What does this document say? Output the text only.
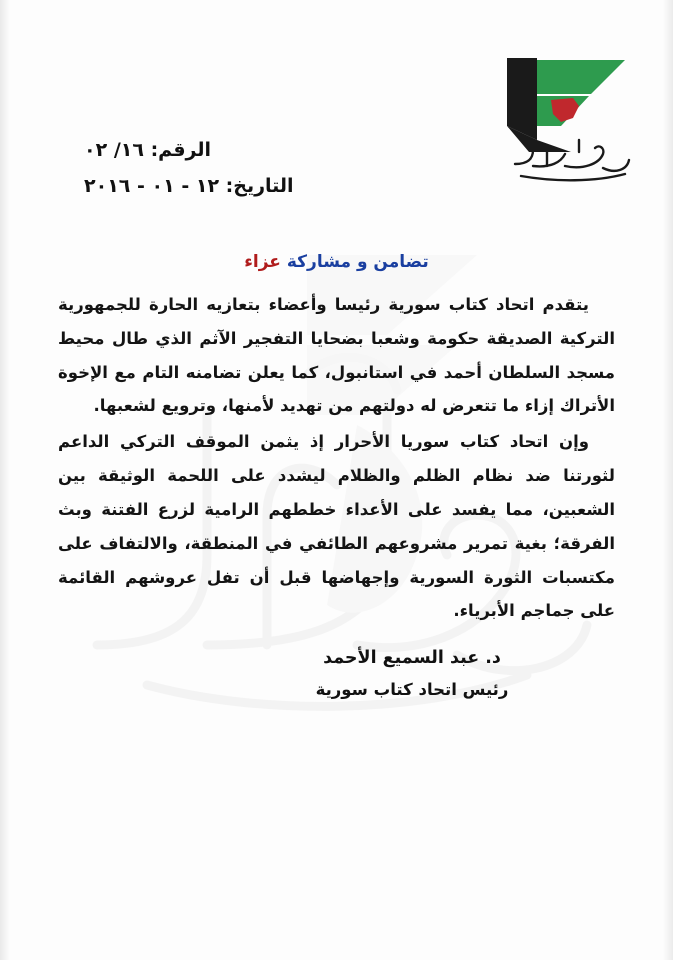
الرقم: ١٦/ ٠٢
التاريخ: ١٢ - ٠١ - ٢٠١٦
تضامن و مشاركة عزاء

يتقدم اتحاد كتاب سورية رئيسا وأعضاء بتعازيه الحارة للجمهورية التركية الصديقة حكومة وشعبا بضحايا التفجير الآثم الذي طال محيط مسجد السلطان أحمد في استانبول، كما يعلن تضامنه التام مع الإخوة الأتراك إزاء ما تتعرض له دولتهم من تهديد لأمنها، وترويع لشعبها.

وإن اتحاد كتاب سوريا الأحرار إذ يثمن الموقف التركي الداعم لثورتنا ضد نظام الظلم والظلام ليشدد على اللحمة الوثيقة بين الشعبين، مما يفسد على الأعداء خططهم الرامية لزرع الفتنة وبث الفرقة؛ بغية تمرير مشروعهم الطائفي في المنطقة، والالتفاف على مكتسبات الثورة السورية وإجهاضها قبل أن تفل عروشهم القائمة على جماجم الأبرياء.

د. عبد السميع الأحمد
رئيس اتحاد كتاب سورية
